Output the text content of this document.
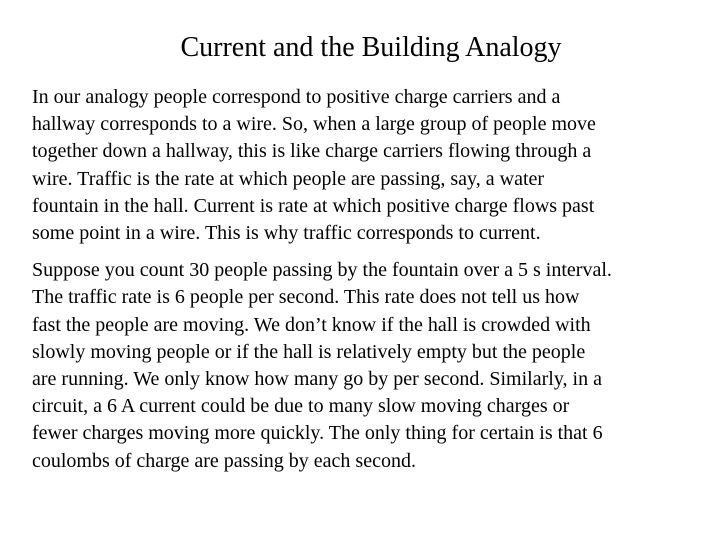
Current and the Building Analogy

In our analogy people correspond to positive charge carriers and a
hallway corresponds to a wire. So, when a large group of people move
together down a hallway, this is like charge carriers flowing through a
wire. Traffic is the rate at which people are passing, say, a water
fountain in the hall. Current is rate at which positive charge flows past
some point in a wire. This is why traffic corresponds to current.

Suppose you count 30 people passing by the fountain over a 5 s interval.
The traffic rate is 6 people per second. This rate does not tell us how
fast the people are moving. We don’t know if the hall is crowded with
slowly moving people or if the hall is relatively empty but the people
are running. We only know how many go by per second. Similarly, in a
circuit, a 6 A current could be due to many slow moving charges or
fewer charges moving more quickly. The only thing for certain is that 6
coulombs of charge are passing by each second.
